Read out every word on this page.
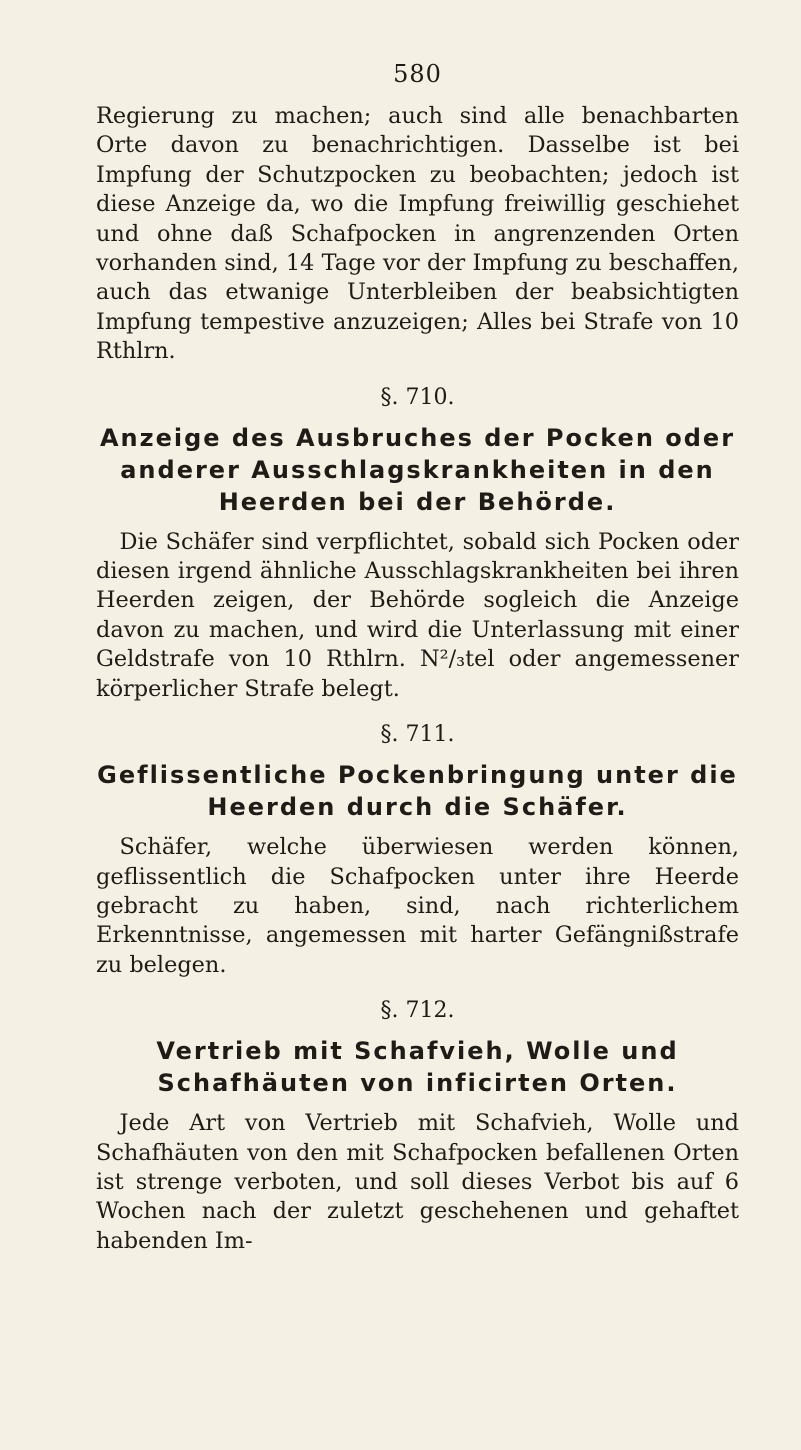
580

Regierung zu machen; auch sind alle benachbarten Orte davon zu benachrichtigen. Dasselbe ist bei Impfung der Schutzpocken zu beobachten; jedoch ist diese Anzeige da, wo die Impfung freiwillig geschiehet und ohne daß Schafpocken in angrenzenden Orten vorhanden sind, 14 Tage vor der Impfung zu beschaffen, auch das etwanige Unterbleiben der beabsichtigten Impfung tempestive anzuzeigen; Alles bei Strafe von 10 Rthlrn.

§. 710.
Anzeige des Ausbruches der Pocken oder anderer Ausschlagskrankheiten in den Heerden bei der Behörde.

Die Schäfer sind verpflichtet, sobald sich Pocken oder diesen irgend ähnliche Ausschlagskrankheiten bei ihren Heerden zeigen, der Behörde sogleich die Anzeige davon zu machen, und wird die Unterlassung mit einer Geldstrafe von 10 Rthlrn. N²/₃tel oder angemessener körperlicher Strafe belegt.

§. 711.
Geflissentliche Pockenbringung unter die Heerden durch die Schäfer.

Schäfer, welche überwiesen werden können, geflissentlich die Schafpocken unter ihre Heerde gebracht zu haben, sind, nach richterlichem Erkenntnisse, angemessen mit harter Gefängnißstrafe zu belegen.

§. 712.
Vertrieb mit Schafvieh, Wolle und Schafhäuten von inficirten Orten.

Jede Art von Vertrieb mit Schafvieh, Wolle und Schafhäuten von den mit Schafpocken befallenen Orten ist strenge verboten, und soll dieses Verbot bis auf 6 Wochen nach der zuletzt geschehenen und gehaftet habenden Im-
